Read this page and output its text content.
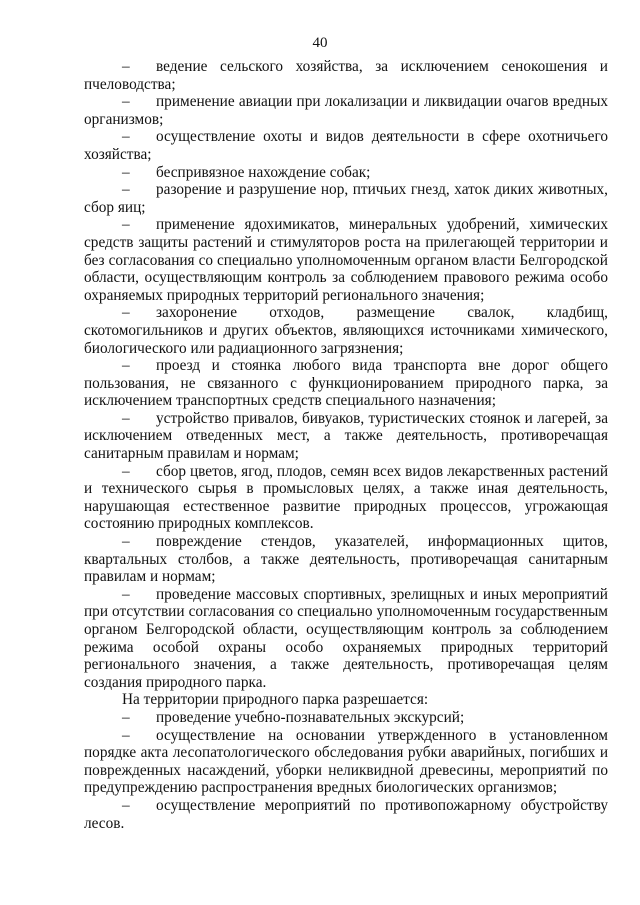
40

– ведение сельского хозяйства, за исключением сенокошения и пчеловодства;

– применение авиации при локализации и ликвидации очагов вредных организмов;

– осуществление охоты и видов деятельности в сфере охотничьего хозяйства;

– беспривязное нахождение собак;

– разорение и разрушение нор, птичьих гнезд, хаток диких животных, сбор яиц;

– применение ядохимикатов, минеральных удобрений, химических средств защиты растений и стимуляторов роста на прилегающей территории и без согласования со специально уполномоченным органом власти Белгородской области, осуществляющим контроль за соблюдением правового режима особо охраняемых природных территорий регионального значения;

– захоронение отходов, размещение свалок, кладбищ, скотомогильников и других объектов, являющихся источниками химического, биологического или радиационного загрязнения;

– проезд и стоянка любого вида транспорта вне дорог общего пользования, не связанного с функционированием природного парка, за исключением транспортных средств специального назначения;

– устройство привалов, бивуаков, туристических стоянок и лагерей, за исключением отведенных мест, а также деятельность, противоречащая санитарным правилам и нормам;

– сбор цветов, ягод, плодов, семян всех видов лекарственных растений и технического сырья в промысловых целях, а также иная деятельность, нарушающая естественное развитие природных процессов, угрожающая состоянию природных комплексов.

– повреждение стендов, указателей, информационных щитов, квартальных столбов, а также деятельность, противоречащая санитарным правилам и нормам;

– проведение массовых спортивных, зрелищных и иных мероприятий при отсутствии согласования со специально уполномоченным государственным органом Белгородской области, осуществляющим контроль за соблюдением режима особой охраны особо охраняемых природных территорий регионального значения, а также деятельность, противоречащая целям создания природного парка.

На территории природного парка разрешается:

– проведение учебно-познавательных экскурсий;

– осуществление на основании утвержденного в установленном порядке акта лесопатологического обследования рубки аварийных, погибших и поврежденных насаждений, уборки неликвидной древесины, мероприятий по предупреждению распространения вредных биологических организмов;

– осуществление мероприятий по противопожарному обустройству лесов.
